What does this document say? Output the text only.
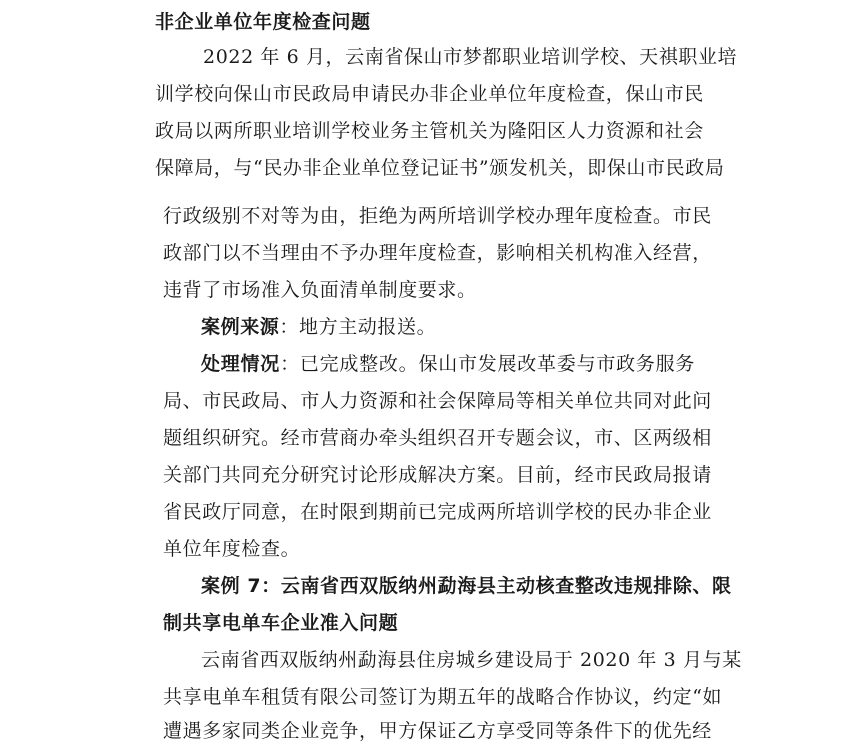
非企业单位年度检查问题
2022 年 6 月，云南省保山市梦都职业培训学校、天祺职业培
训学校向保山市民政局申请民办非企业单位年度检查，保山市民
政局以两所职业培训学校业务主管机关为隆阳区人力资源和社会
保障局，与“民办非企业单位登记证书”颁发机关，即保山市民政局
行政级别不对等为由，拒绝为两所培训学校办理年度检查。市民
政部门以不当理由不予办理年度检查，影响相关机构准入经营，
违背了市场准入负面清单制度要求。
案例来源：地方主动报送。
处理情况：已完成整改。保山市发展改革委与市政务服务
局、市民政局、市人力资源和社会保障局等相关单位共同对此问
题组织研究。经市营商办牵头组织召开专题会议，市、区两级相
关部门共同充分研究讨论形成解决方案。目前，经市民政局报请
省民政厅同意，在时限到期前已完成两所培训学校的民办非企业
单位年度检查。
案例 7：云南省西双版纳州勐海县主动核查整改违规排除、限
制共享电单车企业准入问题
云南省西双版纳州勐海县住房城乡建设局于 2020 年 3 月与某
共享电单车租赁有限公司签订为期五年的战略合作协议，约定“如
遭遇多家同类企业竞争，甲方保证乙方享受同等条件下的优先经
